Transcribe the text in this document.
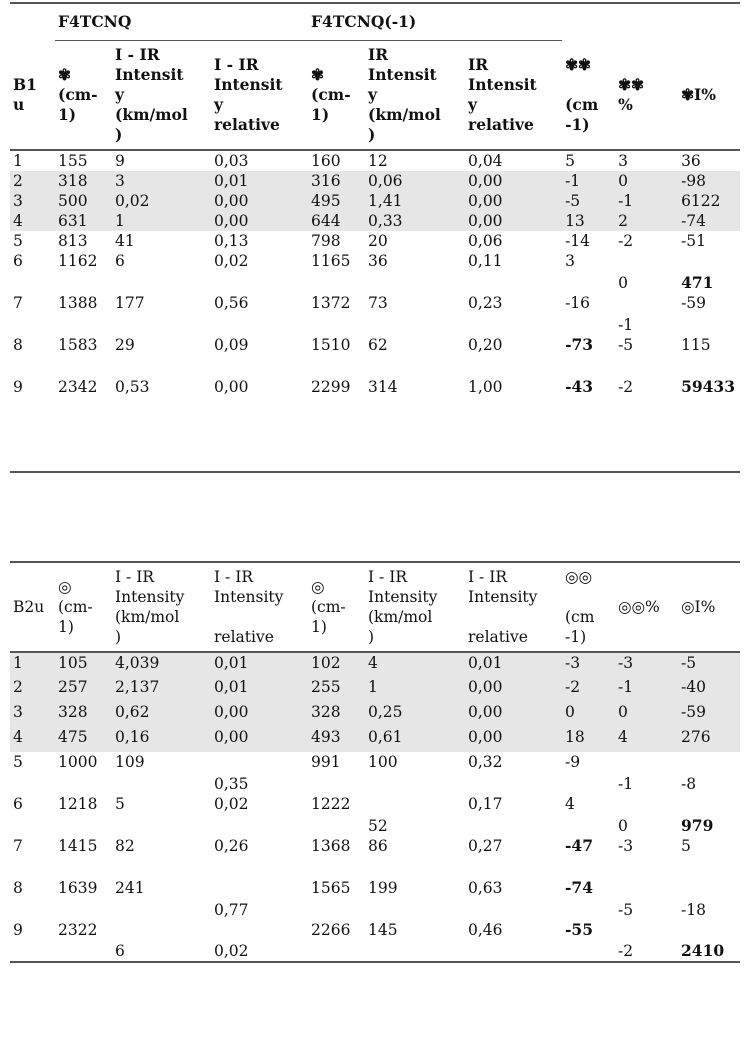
	F4TCNQ			F4TCNQ(-1)					
B1
u	✾
(cm-
1)	I - IR
Intensit
y
(km/mol
)	I - IR
Intensit
y
relative	✾
(cm-
1)	IR
Intensit
y
(km/mol
)	IR
Intensit
y
relative	✾✾

(cm
-1)	✾✾
%	✾I%
1	155	9	0,03	160	12	0,04	5	3	36
2	318	3	0,01	316	0,06	0,00	-1	0	-98
3	500	0,02	0,00	495	1,41	0,00	-5	-1	6122
4	631	1	0,00	644	0,33	0,00	13	2	-74
5	813	41	0,13	798	20	0,06	-14	-2	-51
6	1162	6	0,02	1165	36	0,11	3	0	471
7	1388	177	0,56	1372	73	0,23	-16	-1	-59
8	1583	29	0,09	1510	62	0,20	-73	-5	115
9	2342	0,53	0,00	2299	314	1,00	-43	-2	59433
B2u	◎
(cm-
1)	I - IR
Intensity
(km/mol
)	I - IR
Intensity

relative	◎
(cm-
1)	I - IR
Intensity
(km/mol
)	I - IR
Intensity

relative	◎◎

(cm
-1)	◎◎%	◎I%
1	105	4,039	0,01	102	4	0,01	-3	-3	-5
2	257	2,137	0,01	255	1	0,00	-2	-1	-40
3	328	0,62	0,00	328	0,25	0,00	0	0	-59
4	475	0,16	0,00	493	0,61	0,00	18	4	276
5	1000	109	0,35	991	100	0,32	-9	-1	-8
6	1218	5	0,02	1222	52	0,17	4	0	979
7	1415	82	0,26	1368	86	0,27	-47	-3	5
8	1639	241	0,77	1565	199	0,63	-74	-5	-18
9	2322	6	0,02	2266	145	0,46	-55	-2	2410
